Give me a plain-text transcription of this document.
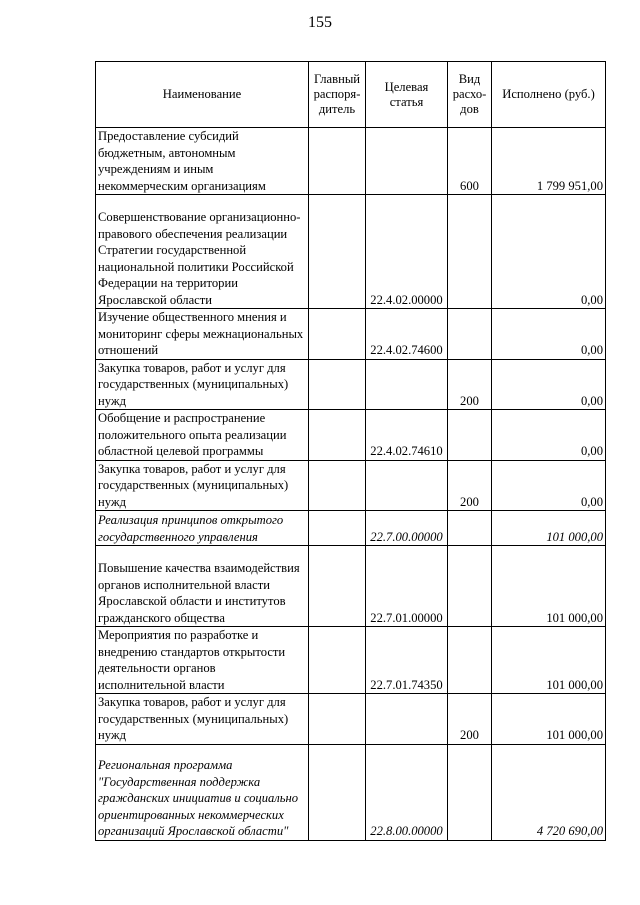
155
Наименование	Главный распоря-дитель	Целевая статья	Вид расхо-дов	Исполнено (руб.)
Предоставление субсидий бюджетным, автономным учреждениям и иным некоммерческим организациям			600	1 799 951,00
Совершенствование организационно-правового обеспечения реализации Стратегии государственной национальной политики Российской Федерации на территории Ярославской области		22.4.02.00000		0,00
Изучение общественного мнения и мониторинг сферы межнациональных отношений		22.4.02.74600		0,00
Закупка товаров, работ и услуг для государственных (муниципальных) нужд			200	0,00
Обобщение и распространение положительного опыта реализации областной целевой программы		22.4.02.74610		0,00
Закупка товаров, работ и услуг для государственных (муниципальных) нужд			200	0,00
Реализация принципов открытого государственного управления		22.7.00.00000		101 000,00
Повышение качества взаимодействия органов исполнительной власти Ярославской области и институтов гражданского общества		22.7.01.00000		101 000,00
Мероприятия по разработке и внедрению стандартов открытости деятельности органов исполнительной власти		22.7.01.74350		101 000,00
Закупка товаров, работ и услуг для государственных (муниципальных) нужд			200	101 000,00
Региональная программа "Государственная поддержка гражданских инициатив и социально ориентированных некоммерческих организаций Ярославской области"		22.8.00.00000		4 720 690,00
